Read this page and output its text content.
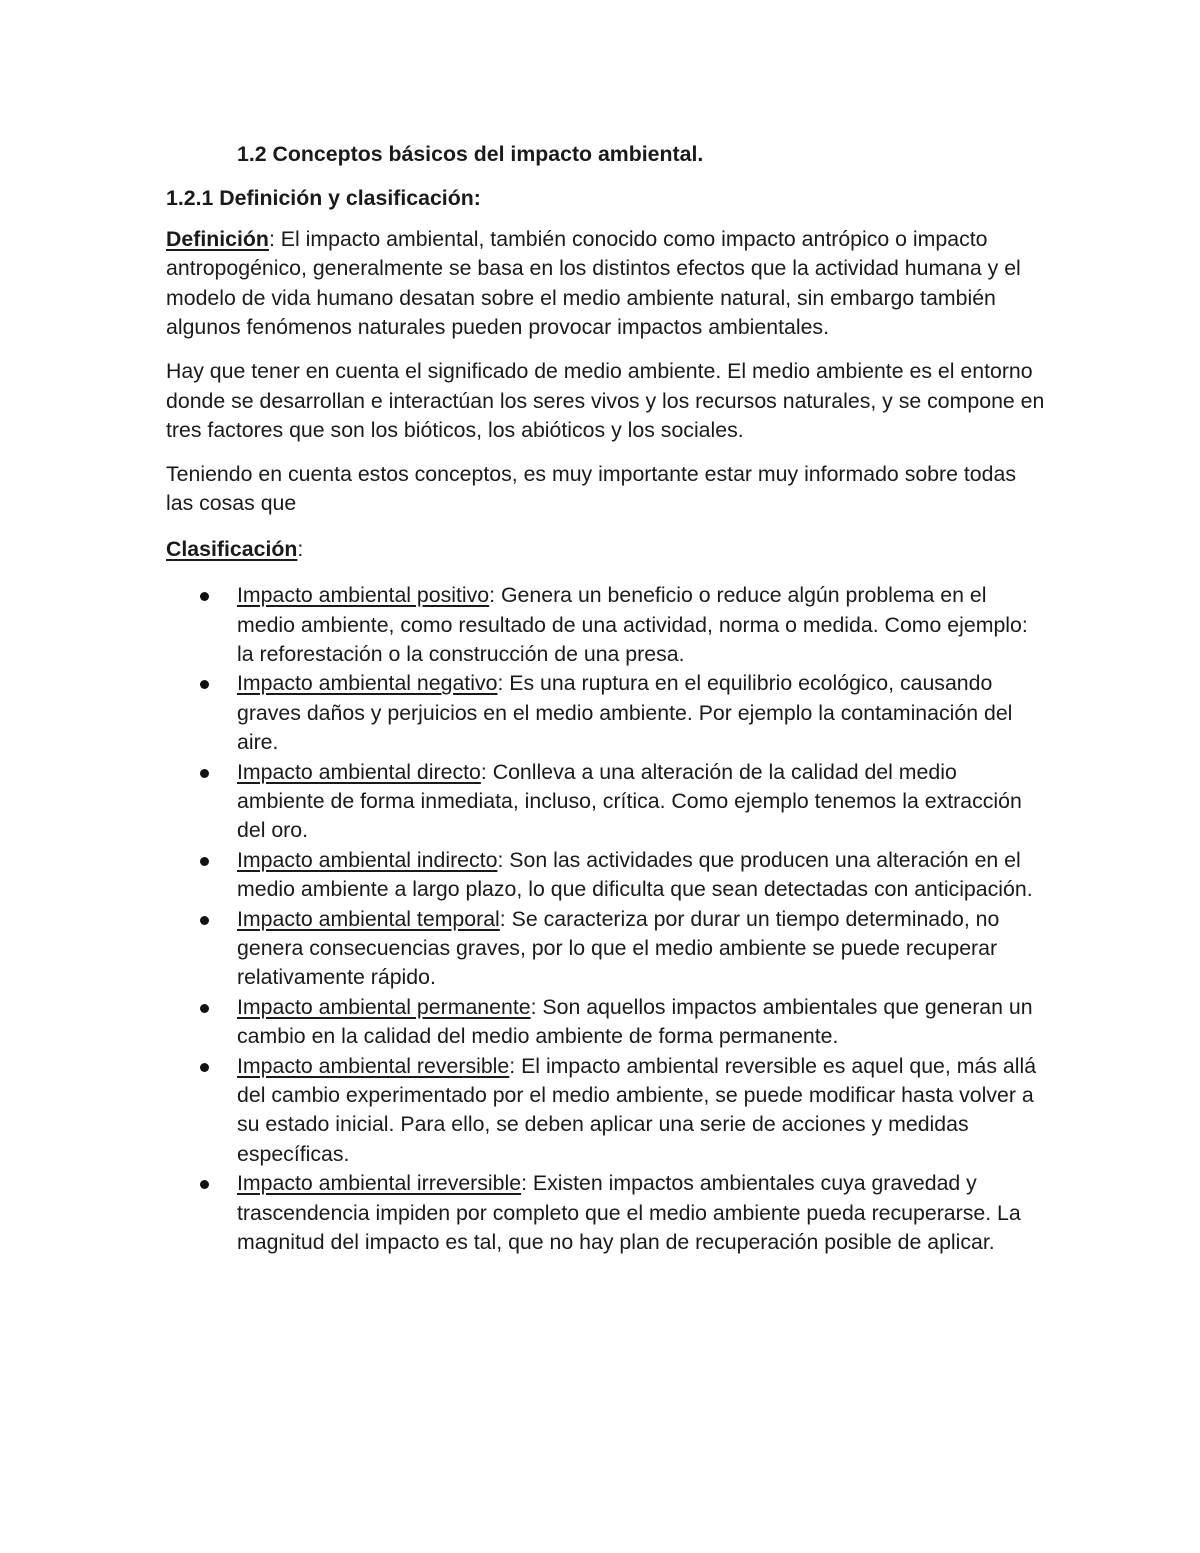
1.2 Conceptos básicos del impacto ambiental.
1.2.1 Definición y clasificación:

Definición: El impacto ambiental, también conocido como impacto antrópico o impacto antropogénico, generalmente se basa en los distintos efectos que la actividad humana y el modelo de vida humano desatan sobre el medio ambiente natural, sin embargo también algunos fenómenos naturales pueden provocar impactos ambientales.

Hay que tener en cuenta el significado de medio ambiente. El medio ambiente es el entorno donde se desarrollan e interactúan los seres vivos y los recursos naturales, y se compone en tres factores que son los bióticos, los abióticos y los sociales.

Teniendo en cuenta estos conceptos, es muy importante estar muy informado sobre todas las cosas que

Clasificación:
Impacto ambiental positivo: Genera un beneficio o reduce algún problema en el medio ambiente, como resultado de una actividad, norma o medida. Como ejemplo: la reforestación o la construcción de una presa.
Impacto ambiental negativo: Es una ruptura en el equilibrio ecológico, causando graves daños y perjuicios en el medio ambiente. Por ejemplo la contaminación del aire.
Impacto ambiental directo: Conlleva a una alteración de la calidad del medio ambiente de forma inmediata, incluso, crítica. Como ejemplo tenemos la extracción del oro.
Impacto ambiental indirecto: Son las actividades que producen una alteración en el medio ambiente a largo plazo, lo que dificulta que sean detectadas con anticipación.
Impacto ambiental temporal: Se caracteriza por durar un tiempo determinado, no genera consecuencias graves, por lo que el medio ambiente se puede recuperar relativamente rápido.
Impacto ambiental permanente: Son aquellos impactos ambientales que generan un cambio en la calidad del medio ambiente de forma permanente.
Impacto ambiental reversible: El impacto ambiental reversible es aquel que, más allá del cambio experimentado por el medio ambiente, se puede modificar hasta volver a su estado inicial. Para ello, se deben aplicar una serie de acciones y medidas específicas.
Impacto ambiental irreversible: Existen impactos ambientales cuya gravedad y trascendencia impiden por completo que el medio ambiente pueda recuperarse. La magnitud del impacto es tal, que no hay plan de recuperación posible de aplicar.
